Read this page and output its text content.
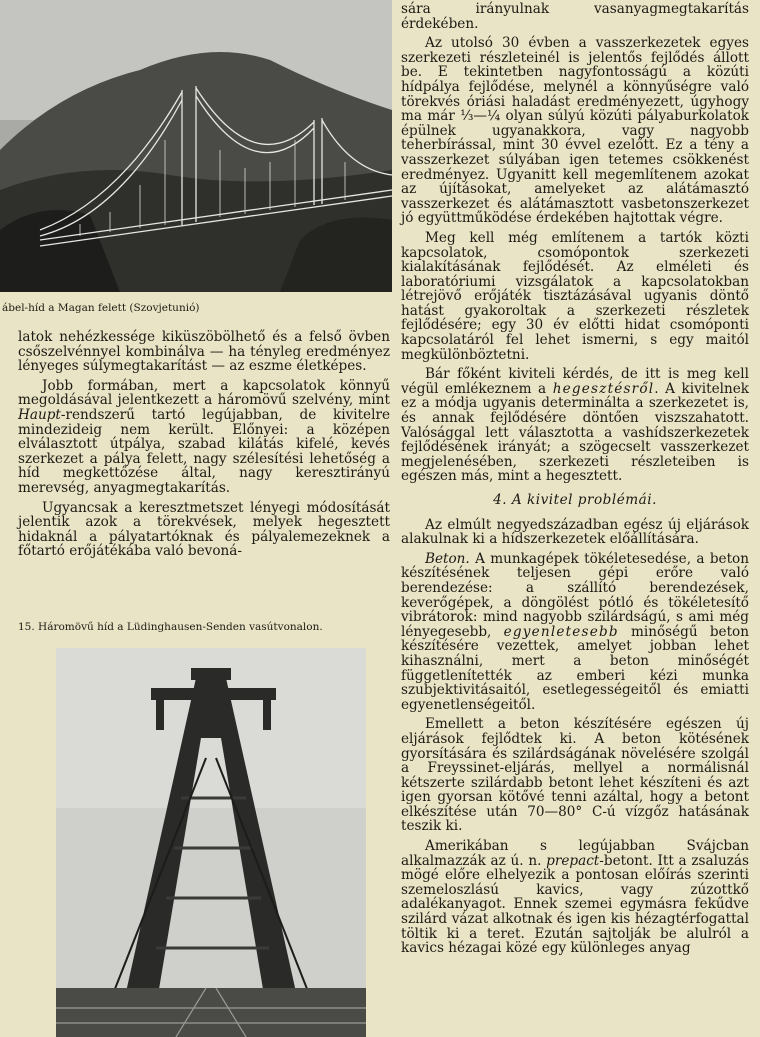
ábel-híd a Magan felett (Szovjetunió)

latok nehézkessége kiküszöbölhető és a felső övben csőszelvénnyel kombinálva — ha tényleg eredményez lényeges súlymegtakarítást — az eszme életképes.

Jobb formában, mert a kapcsolatok könnyű megoldásával jelentkezett a háromövű szelvény, mint Haupt-rendszerű tartó legújabban, de kivitelre mindezideig nem került. Előnyei: a középen elválasztott útpálya, szabad kilátás kifelé, kevés szerkezet a pálya felett, nagy szélesítési lehetőség a híd megkettőzése által, nagy keresztirányú merevség, anyagmegtakarítás.

Ugyancsak a keresztmetszet lényegi módosítását jelentik azok a törekvések, melyek hegesztett hidaknál a pályatartóknak és pályalemezeknek a főtartó erőjátékába való bevoná-

15. Háromövű híd a Lüdinghausen-Senden vasútvonalon.

sára irányulnak vasanyagmegtakarítás érdekében.

Az utolsó 30 évben a vasszerkezetek egyes szerkezeti részleteinél is jelentős fejlődés állott be. E tekintetben nagyfontosságú a közúti hídpálya fejlődése, melynél a könnyűségre való törekvés óriási haladást eredményezett, úgyhogy ma már ⅓—¼ olyan súlyú közúti pályaburkolatok épülnek ugyanakkora, vagy nagyobb teherbírással, mint 30 évvel ezelőtt. Ez a tény a vasszerkezet súlyában igen tetemes csökkenést eredményez. Ugyanitt kell megemlítenem azokat az újításokat, amelyeket az alátámasztó vasszerkezet és alátámasztott vasbetonszerkezet jó együttműködése érdekében hajtottak végre.

Meg kell még említenem a tartók közti kapcsolatok, csomópontok szerkezeti kialakításának fejlődését. Az elméleti és laboratóriumi vizsgálatok a kapcsolatokban létrejövő erőjáték tisztázásával ugyanis döntő hatást gyakoroltak a szerkezeti részletek fejlődésére; egy 30 év előtti hidat csomóponti kapcsolatáról fel lehet ismerni, s egy maitól megkülönböztetni.

Bár főként kiviteli kérdés, de itt is meg kell végül emlékeznem a hegesztésről. A kivitelnek ez a módja ugyanis determinálta a szerkezetet is, és annak fejlődésére döntően viszszahatott. Valósággal lett választotta a vashídszerkezetek fejlődésének irányát; a szögecselt vasszerkezet megjelenésében, szerkezeti részleteiben is egészen más, mint a hegesztett.

4. A kivitel problémái.

Az elmúlt negyedszázadban egész új eljárások alakulnak ki a hídszerkezetek előállítására.

Beton. A munkagépek tökéletesedése, a beton készítésének teljesen gépi erőre való berendezése: a szállító berendezések, keverőgépek, a döngölést pótló és tökéletesítő vibrátorok: mind nagyobb szilárdságú, s ami még lényegesebb, egyenletesebb minőségű beton készítésére vezettek, amelyet jobban lehet kihasználni, mert a beton minőségét függetlenítették az emberi kézi munka szubjektivitásaitól, esetlegességeitől és emiatti egyenetlenségeitől.

Emellett a beton készítésére egészen új eljárások fejlődtek ki. A beton kötésének gyorsítására és szilárdságának növelésére szolgál a Freyssinet-eljárás, mellyel a normálisnál kétszerte szilárdabb betont lehet készíteni és azt igen gyorsan kötővé tenni azáltal, hogy a betont elkészítése után 70—80° C-ú vízgőz hatásának teszik ki.

Amerikában s legújabban Svájcban alkalmazzák az ú. n. prepact-betont. Itt a zsaluzás mögé előre elhelyezik a pontosan előírás szerinti szemeloszlású kavics, vagy zúzottkő adalékanyagot. Ennek szemei egymásra fekűdve szilárd vázat alkotnak és igen kis hézagtérfogattal töltik ki a teret. Ezután sajtolják be alulról a kavics hézagai közé egy különleges anyag
